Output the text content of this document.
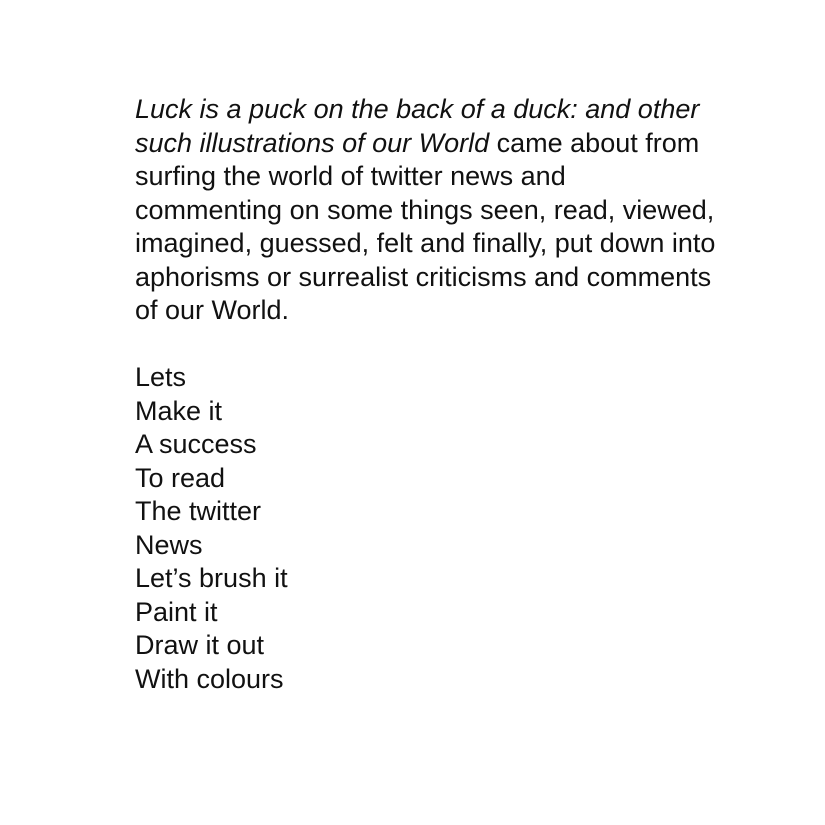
Luck is a puck on the back of a duck: and other
such illustrations of our World came about from
surfing the world of twitter news and
commenting on some things seen, read, viewed,
imagined, guessed, felt and finally, put down into
aphorisms or surrealist criticisms and comments
of our World.

Lets
Make it
A success
To read
The twitter
News
Let’s brush it
Paint it
Draw it out
With colours
